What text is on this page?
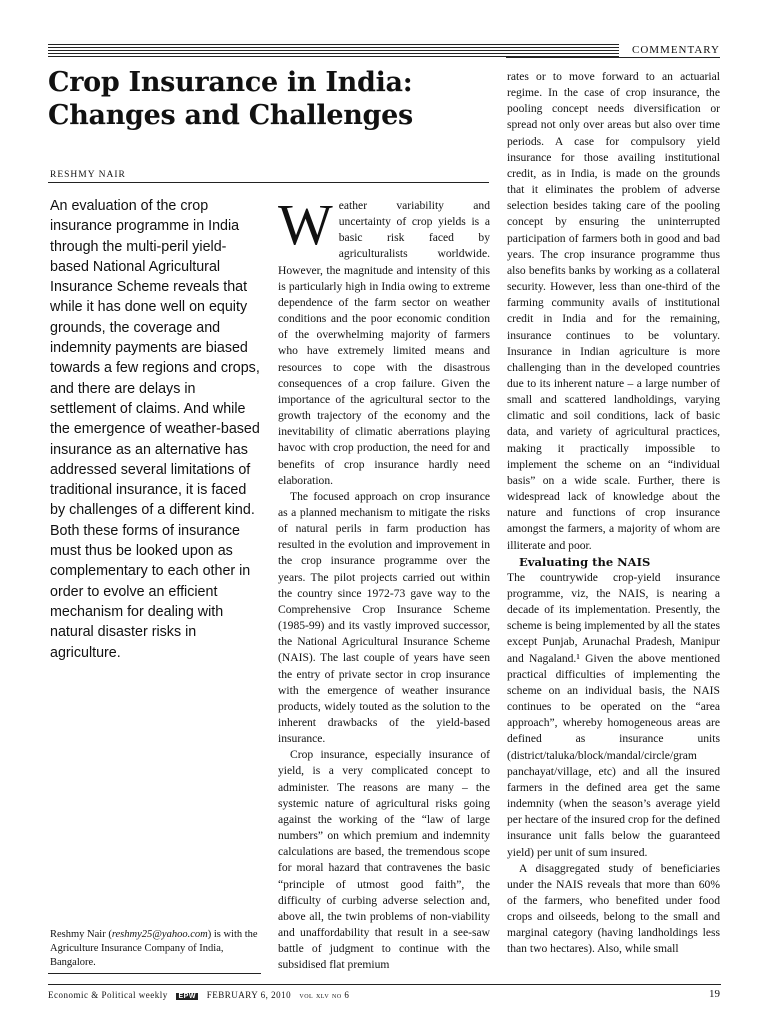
COMMENTARY
Crop Insurance in India: Changes and Challenges
RESHMY NAIR

An evaluation of the crop insurance programme in India through the multi-peril yield-based National Agricultural Insurance Scheme reveals that while it has done well on equity grounds, the coverage and indemnity payments are biased towards a few regions and crops, and there are delays in settlement of claims. And while the emergence of weather-based insurance as an alternative has addressed several limitations of traditional insurance, it is faced by challenges of a different kind. Both these forms of insurance must thus be looked upon as complementary to each other in order to evolve an efficient mechanism for dealing with natural disaster risks in agriculture.

Reshmy Nair (reshmy25@yahoo.com) is with the Agriculture Insurance Company of India, Bangalore.

Weather variability and uncertainty of crop yields is a basic risk faced by agriculturalists worldwide. However, the magnitude and intensity of this is particularly high in India owing to extreme dependence of the farm sector on weather conditions and the poor economic condition of the overwhelming majority of farmers who have extremely limited means and resources to cope with the disastrous consequences of a crop failure. Given the importance of the agricultural sector to the growth trajectory of the economy and the inevitability of climatic aberrations playing havoc with crop production, the need for and benefits of crop insurance hardly need elaboration.

The focused approach on crop insurance as a planned mechanism to mitigate the risks of natural perils in farm production has resulted in the evolution and improvement in the crop insurance programme over the years. The pilot projects carried out within the country since 1972-73 gave way to the Comprehensive Crop Insurance Scheme (1985-99) and its vastly improved successor, the National Agricultural Insurance Scheme (NAIS). The last couple of years have seen the entry of private sector in crop insurance with the emergence of weather insurance products, widely touted as the solution to the inherent drawbacks of the yield-based insurance.

Crop insurance, especially insurance of yield, is a very complicated concept to administer. The reasons are many – the systemic nature of agricultural risks going against the working of the “law of large numbers” on which premium and indemnity calculations are based, the tremendous scope for moral hazard that contravenes the basic “principle of utmost good faith”, the difficulty of curbing adverse selection and, above all, the twin problems of non-viability and unaffordability that result in a see-saw battle of judgment to continue with the subsidised flat premium

rates or to move forward to an actuarial regime. In the case of crop insurance, the pooling concept needs diversification or spread not only over areas but also over time periods. A case for compulsory yield insurance for those availing institutional credit, as in India, is made on the grounds that it eliminates the problem of adverse selection besides taking care of the pooling concept by ensuring the uninterrupted participation of farmers both in good and bad years. The crop insurance programme thus also benefits banks by working as a collateral security. However, less than one-third of the farming community avails of institutional credit in India and for the remaining, insurance continues to be voluntary. Insurance in Indian agriculture is more challenging than in the developed countries due to its inherent nature – a large number of small and scattered landholdings, varying climatic and soil conditions, lack of basic data, and variety of agricultural practices, making it practically impossible to implement the scheme on an “individual basis” on a wide scale. Further, there is widespread lack of knowledge about the nature and functions of crop insurance amongst the farmers, a majority of whom are illiterate and poor.

Evaluating the NAIS

The countrywide crop-yield insurance programme, viz, the NAIS, is nearing a decade of its implementation. Presently, the scheme is being implemented by all the states except Punjab, Arunachal Pradesh, Manipur and Nagaland.¹ Given the above mentioned practical difficulties of implementing the scheme on an individual basis, the NAIS continues to be operated on the “area approach”, whereby homogeneous areas are defined as insurance units (district/taluka/block/mandal/circle/gram panchayat/village, etc) and all the insured farmers in the defined area get the same indemnity (when the season’s average yield per hectare of the insured crop for the defined insurance unit falls below the guaranteed yield) per unit of sum insured.

A disaggregated study of beneficiaries under the NAIS reveals that more than 60% of the farmers, who benefited under food crops and oilseeds, belong to the small and marginal category (having landholdings less than two hectares). Also, while small

Economic & Political weekly EPW FEBRUARY 6, 2010 vol xlv no 6	19
